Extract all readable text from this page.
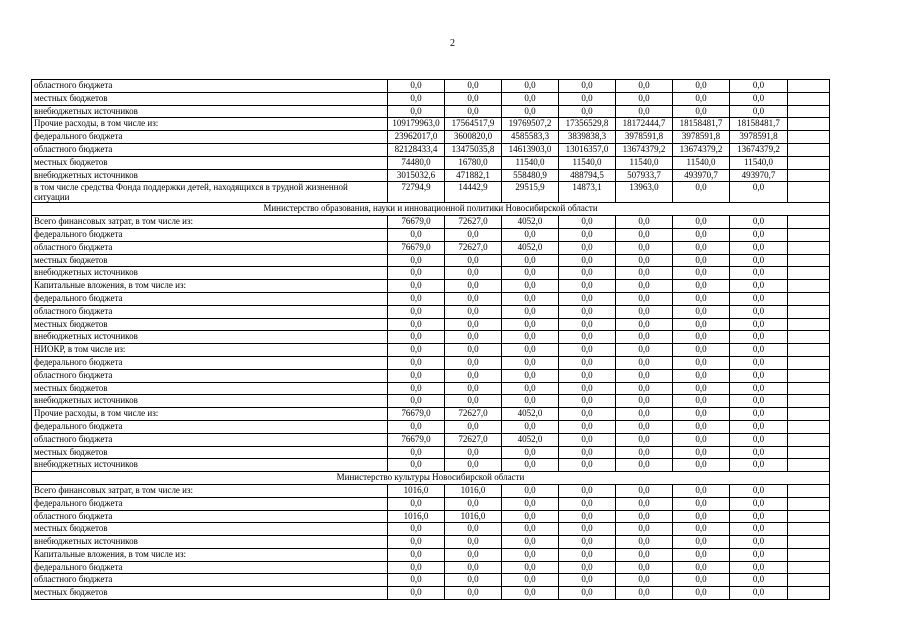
2
областного бюджета	0,0	0,0	0,0	0,0	0,0	0,0	0,0	
местных бюджетов	0,0	0,0	0,0	0,0	0,0	0,0	0,0	
внебюджетных источников	0,0	0,0	0,0	0,0	0,0	0,0	0,0	
Прочие расходы, в том числе из:	109179963,0	17564517,9	19769507,2	17356529,8	18172444,7	18158481,7	18158481,7	
федерального бюджета	23962017,0	3600820,0	4585583,3	3839838,3	3978591,8	3978591,8	3978591,8	
областного бюджета	82128433,4	13475035,8	14613903,0	13016357,0	13674379,2	13674379,2	13674379,2	
местных бюджетов	74480,0	16780,0	11540,0	11540,0	11540,0	11540,0	11540,0	
внебюджетных источников	3015032,6	471882,1	558480,9	488794,5	507933,7	493970,7	493970,7	
в том числе средства Фонда поддержки детей, находящихся в трудной жизненной ситуации	72794,9	14442,9	29515,9	14873,1	13963,0	0,0	0,0	
Министерство образования, науки и инновационной политики Новосибирской области								
Всего финансовых затрат, в том числе из:	76679,0	72627,0	4052,0	0,0	0,0	0,0	0,0	
федерального бюджета	0,0	0,0	0,0	0,0	0,0	0,0	0,0	
областного бюджета	76679,0	72627,0	4052,0	0,0	0,0	0,0	0,0	
местных бюджетов	0,0	0,0	0,0	0,0	0,0	0,0	0,0	
внебюджетных источников	0,0	0,0	0,0	0,0	0,0	0,0	0,0	
Капитальные вложения, в том числе из:	0,0	0,0	0,0	0,0	0,0	0,0	0,0	
федерального бюджета	0,0	0,0	0,0	0,0	0,0	0,0	0,0	
областного бюджета	0,0	0,0	0,0	0,0	0,0	0,0	0,0	
местных бюджетов	0,0	0,0	0,0	0,0	0,0	0,0	0,0	
внебюджетных источников	0,0	0,0	0,0	0,0	0,0	0,0	0,0	
НИОКР, в том числе из:	0,0	0,0	0,0	0,0	0,0	0,0	0,0	
федерального бюджета	0,0	0,0	0,0	0,0	0,0	0,0	0,0	
областного бюджета	0,0	0,0	0,0	0,0	0,0	0,0	0,0	
местных бюджетов	0,0	0,0	0,0	0,0	0,0	0,0	0,0	
внебюджетных источников	0,0	0,0	0,0	0,0	0,0	0,0	0,0	
Прочие расходы, в том числе из:	76679,0	72627,0	4052,0	0,0	0,0	0,0	0,0	
федерального бюджета	0,0	0,0	0,0	0,0	0,0	0,0	0,0	
областного бюджета	76679,0	72627,0	4052,0	0,0	0,0	0,0	0,0	
местных бюджетов	0,0	0,0	0,0	0,0	0,0	0,0	0,0	
внебюджетных источников	0,0	0,0	0,0	0,0	0,0	0,0	0,0	
Министерство культуры Новосибирской области								
Всего финансовых затрат, в том числе из:	1016,0	1016,0	0,0	0,0	0,0	0,0	0,0	
федерального бюджета	0,0	0,0	0,0	0,0	0,0	0,0	0,0	
областного бюджета	1016,0	1016,0	0,0	0,0	0,0	0,0	0,0	
местных бюджетов	0,0	0,0	0,0	0,0	0,0	0,0	0,0	
внебюджетных источников	0,0	0,0	0,0	0,0	0,0	0,0	0,0	
Капитальные вложения, в том числе из:	0,0	0,0	0,0	0,0	0,0	0,0	0,0	
федерального бюджета	0,0	0,0	0,0	0,0	0,0	0,0	0,0	
областного бюджета	0,0	0,0	0,0	0,0	0,0	0,0	0,0	
местных бюджетов	0,0	0,0	0,0	0,0	0,0	0,0	0,0	
